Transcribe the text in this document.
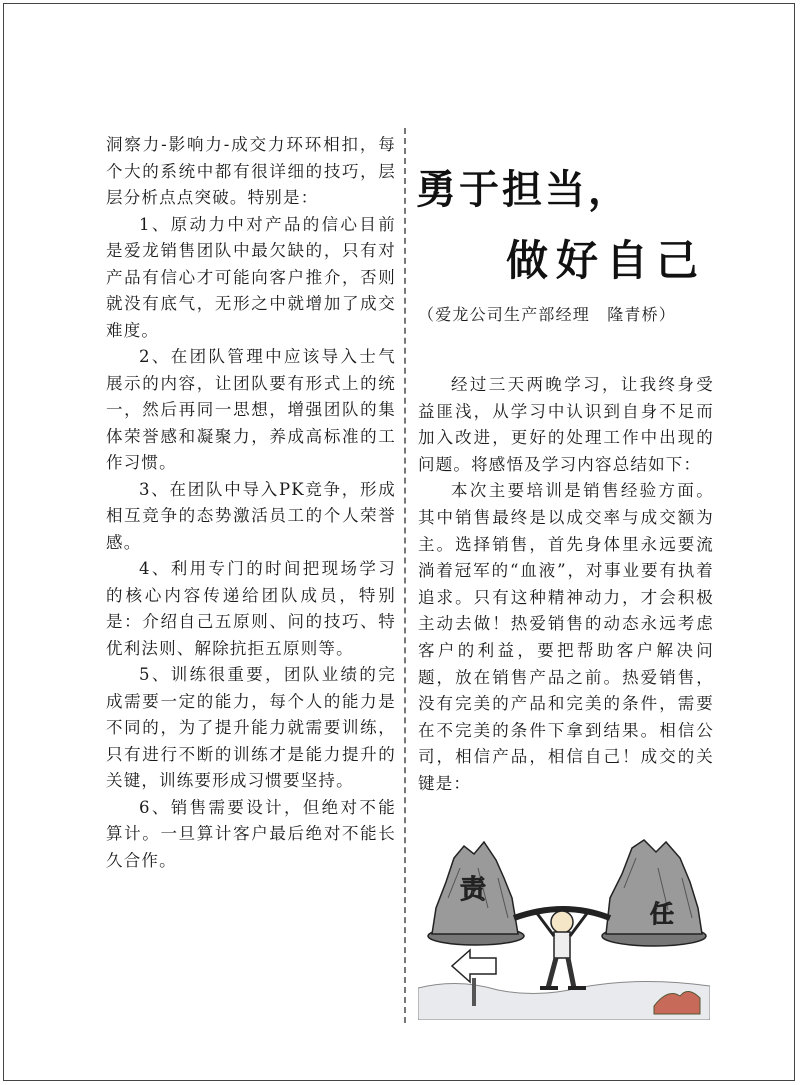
洞察力-影响力-成交力环环相扣，每个大的系统中都有很详细的技巧，层层分析点点突破。特别是：

1、原动力中对产品的信心目前是爱龙销售团队中最欠缺的，只有对产品有信心才可能向客户推介，否则就没有底气，无形之中就增加了成交难度。

2、在团队管理中应该导入士气展示的内容，让团队要有形式上的统一，然后再同一思想，增强团队的集体荣誉感和凝聚力，养成高标准的工作习惯。

3、在团队中导入PK竞争，形成相互竞争的态势激活员工的个人荣誉感。

4、利用专门的时间把现场学习的核心内容传递给团队成员，特别是：介绍自己五原则、问的技巧、特优利法则、解除抗拒五原则等。

5、训练很重要，团队业绩的完成需要一定的能力，每个人的能力是不同的，为了提升能力就需要训练，只有进行不断的训练才是能力提升的关键，训练要形成习惯要坚持。

6、销售需要设计，但绝对不能算计。一旦算计客户最后绝对不能长久合作。

勇于担当，
做好自己
（爱龙公司生产部经理　隆青桥）

经过三天两晚学习，让我终身受益匪浅，从学习中认识到自身不足而加入改进，更好的处理工作中出现的问题。将感悟及学习内容总结如下：

本次主要培训是销售经验方面。其中销售最终是以成交率与成交额为主。选择销售，首先身体里永远要流淌着冠军的“血液”，对事业要有执着追求。只有这种精神动力，才会积极主动去做！热爱销售的动态永远考虑客户的利益，要把帮助客户解决问题，放在销售产品之前。热爱销售，没有完美的产品和完美的条件，需要在不完美的条件下拿到结果。相信公司，相信产品，相信自己！成交的关键是：

责
任
